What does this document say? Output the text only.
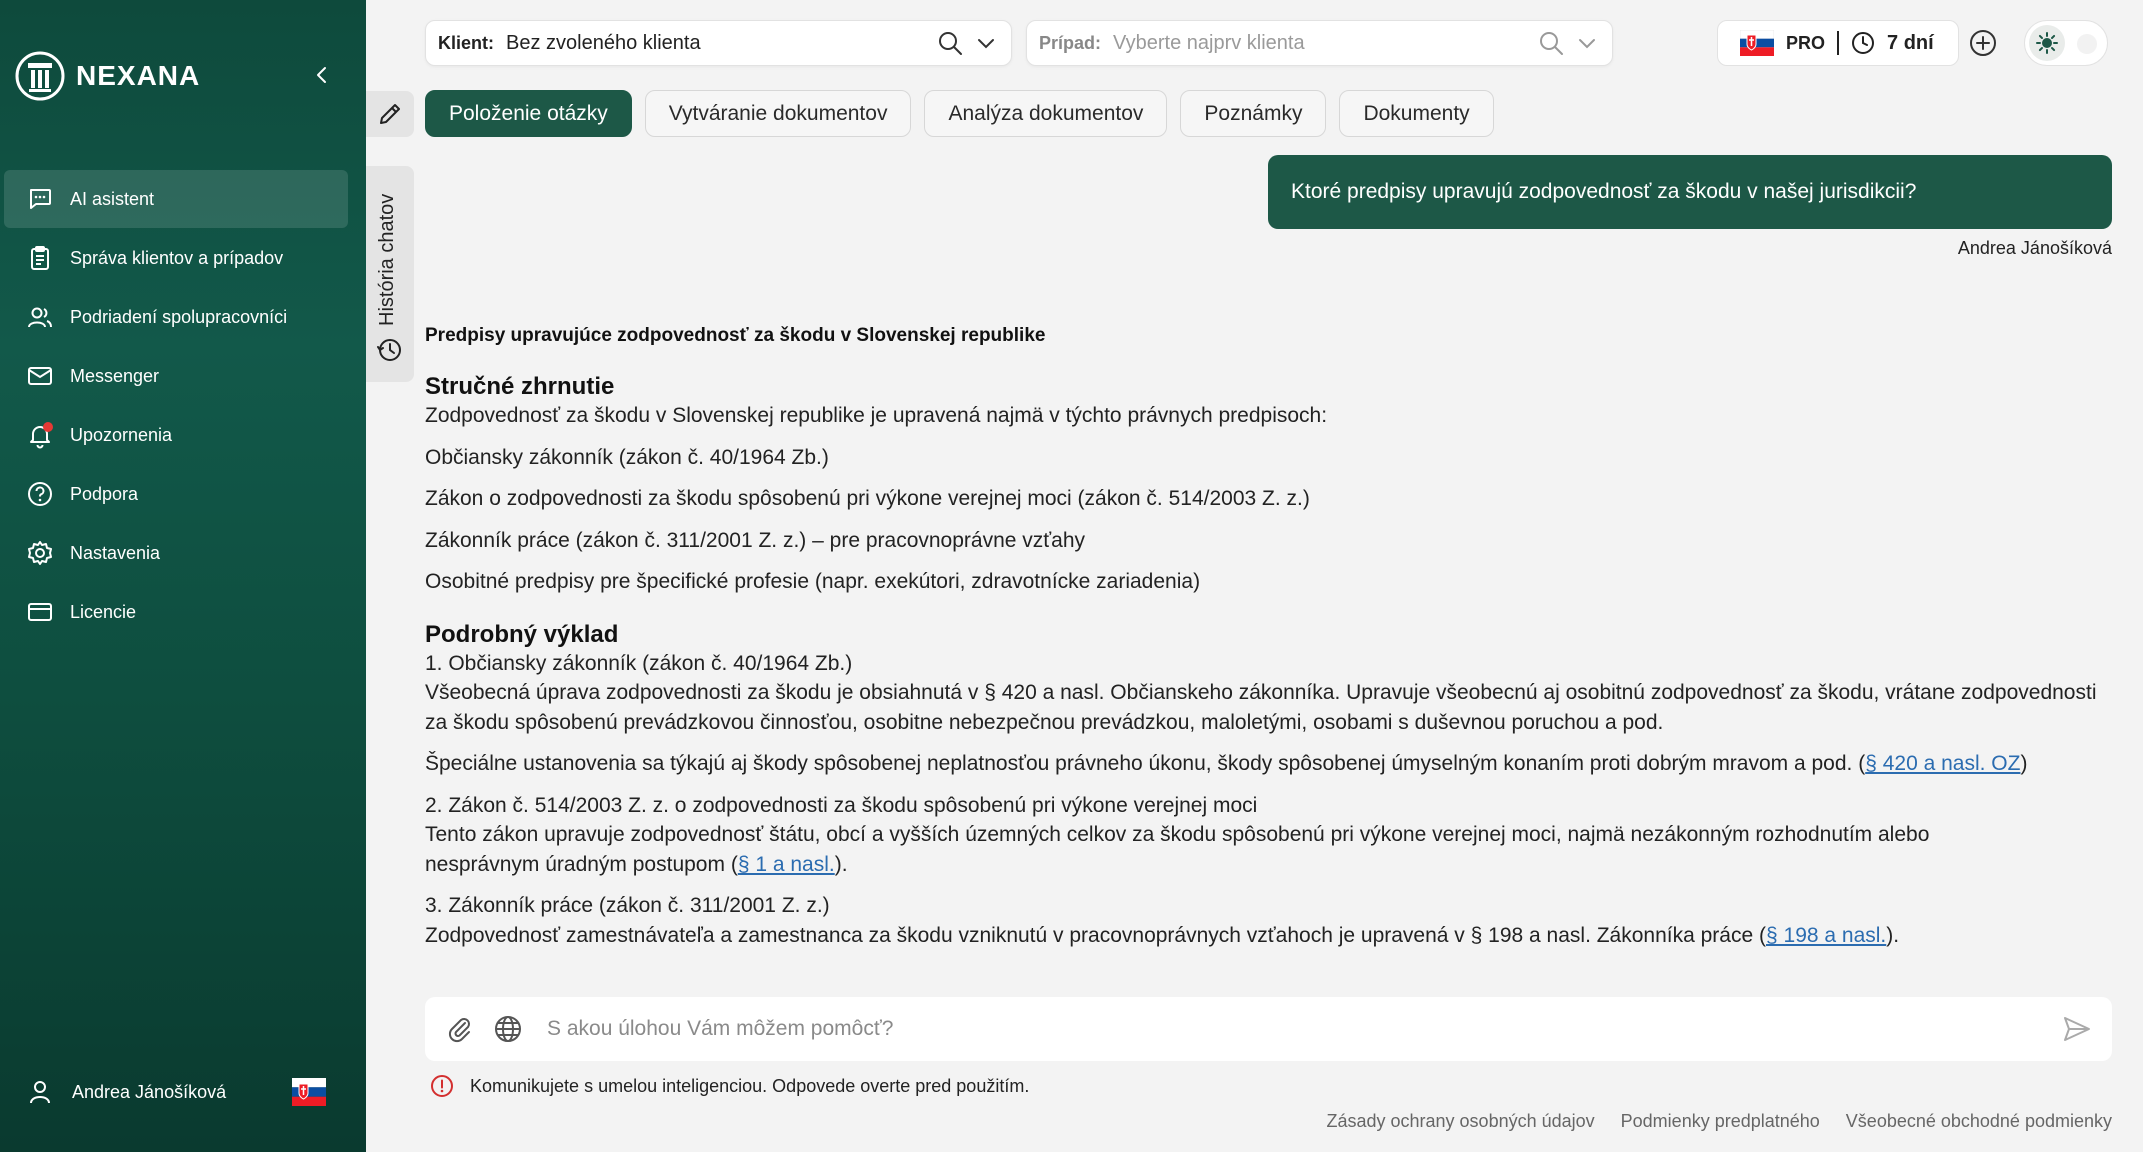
NEXANA
AI asistent
Správa klientov a prípadov
Podriadení spolupracovníci
Messenger
Upozornenia
Podpora
Nastavenia
Licencie
Andrea Jánošíková
Klient: Bez zvoleného klienta	Prípad: Vyberte najprv klienta	PRO	7 dní
História chatov
Položenie otázky	Vytváranie dokumentov	Analýza dokumentov	Poznámky	Dokumenty
Ktoré predpisy upravujú zodpovednosť za škodu v našej jurisdikcii?
Andrea Jánošíková
Predpisy upravujúce zodpovednosť za škodu v Slovenskej republike
Stručné zhrnutie
Zodpovednosť za škodu v Slovenskej republike je upravená najmä v týchto právnych predpisoch:
Občiansky zákonník (zákon č. 40/1964 Zb.)
Zákon o zodpovednosti za škodu spôsobenú pri výkone verejnej moci (zákon č. 514/2003 Z. z.)
Zákonník práce (zákon č. 311/2001 Z. z.) – pre pracovnoprávne vzťahy
Osobitné predpisy pre špecifické profesie (napr. exekútori, zdravotnícke zariadenia)
Podrobný výklad
1. Občiansky zákonník (zákon č. 40/1964 Zb.)
Všeobecná úprava zodpovednosti za škodu je obsiahnutá v § 420 a nasl. Občianskeho zákonníka. Upravuje všeobecnú aj osobitnú zodpovednosť za škodu, vrátane zodpovednosti za škodu spôsobenú prevádzkovou činnosťou, osobitne nebezpečnou prevádzkou, maloletými, osobami s duševnou poruchou a pod.
Špeciálne ustanovenia sa týkajú aj škody spôsobenej neplatnosťou právneho úkonu, škody spôsobenej úmyselným konaním proti dobrým mravom a pod. (§ 420 a nasl. OZ)
2. Zákon č. 514/2003 Z. z. o zodpovednosti za škodu spôsobenú pri výkone verejnej moci
Tento zákon upravuje zodpovednosť štátu, obcí a vyšších územných celkov za škodu spôsobenú pri výkone verejnej moci, najmä nezákonným rozhodnutím alebo nesprávnym úradným postupom (§ 1 a nasl.).
3. Zákonník práce (zákon č. 311/2001 Z. z.)
Zodpovednosť zamestnávateľa a zamestnanca za škodu vzniknutú v pracovnoprávnych vzťahoch je upravená v § 198 a nasl. Zákonníka práce (§ 198 a nasl.).
S akou úlohou Vám môžem pomôcť?
Komunikujete s umelou inteligenciou. Odpovede overte pred použitím.
Zásady ochrany osobných údajov Podmienky predplatného Všeobecné obchodné podmienky
